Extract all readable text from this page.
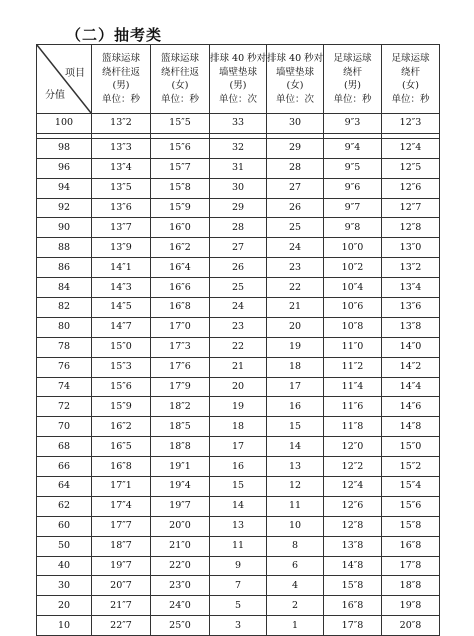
（二）抽考类
项目
分值	篮球运球
绕杆往返
(男)
单位：秒	篮球运球
绕杆往返
(女)
单位：秒	排球 40 秒对
墙壁垫球
(男)
单位：次	排球 40 秒对
墙壁垫球
(女)
单位：次	足球运球
绕杆
(男)
单位：秒	足球运球
绕杆
(女)
单位：秒

100	13″2	15″5	33	30	9″3	12″3

98	13″3	15″6	32	29	9″4	12″4
96	13″4	15″7	31	28	9″5	12″5
94	13″5	15″8	30	27	9″6	12″6
92	13″6	15″9	29	26	9″7	12″7
90	13″7	16″0	28	25	9″8	12″8
88	13″9	16″2	27	24	10″0	13″0
86	14″1	16″4	26	23	10″2	13″2
84	14″3	16″6	25	22	10″4	13″4
82	14″5	16″8	24	21	10″6	13″6
80	14″7	17″0	23	20	10″8	13″8
78	15″0	17″3	22	19	11″0	14″0
76	15″3	17″6	21	18	11″2	14″2
74	15″6	17″9	20	17	11″4	14″4
72	15″9	18″2	19	16	11″6	14″6
70	16″2	18″5	18	15	11″8	14″8
68	16″5	18″8	17	14	12″0	15″0
66	16″8	19″1	16	13	12″2	15″2
64	17″1	19″4	15	12	12″4	15″4
62	17″4	19″7	14	11	12″6	15″6
60	17″7	20″0	13	10	12″8	15″8
50	18″7	21″0	11	8	13″8	16″8
40	19″7	22″0	9	6	14″8	17″8
30	20″7	23″0	7	4	15″8	18″8
20	21″7	24″0	5	2	16″8	19″8
10	22″7	25″0	3	1	17″8	20″8
